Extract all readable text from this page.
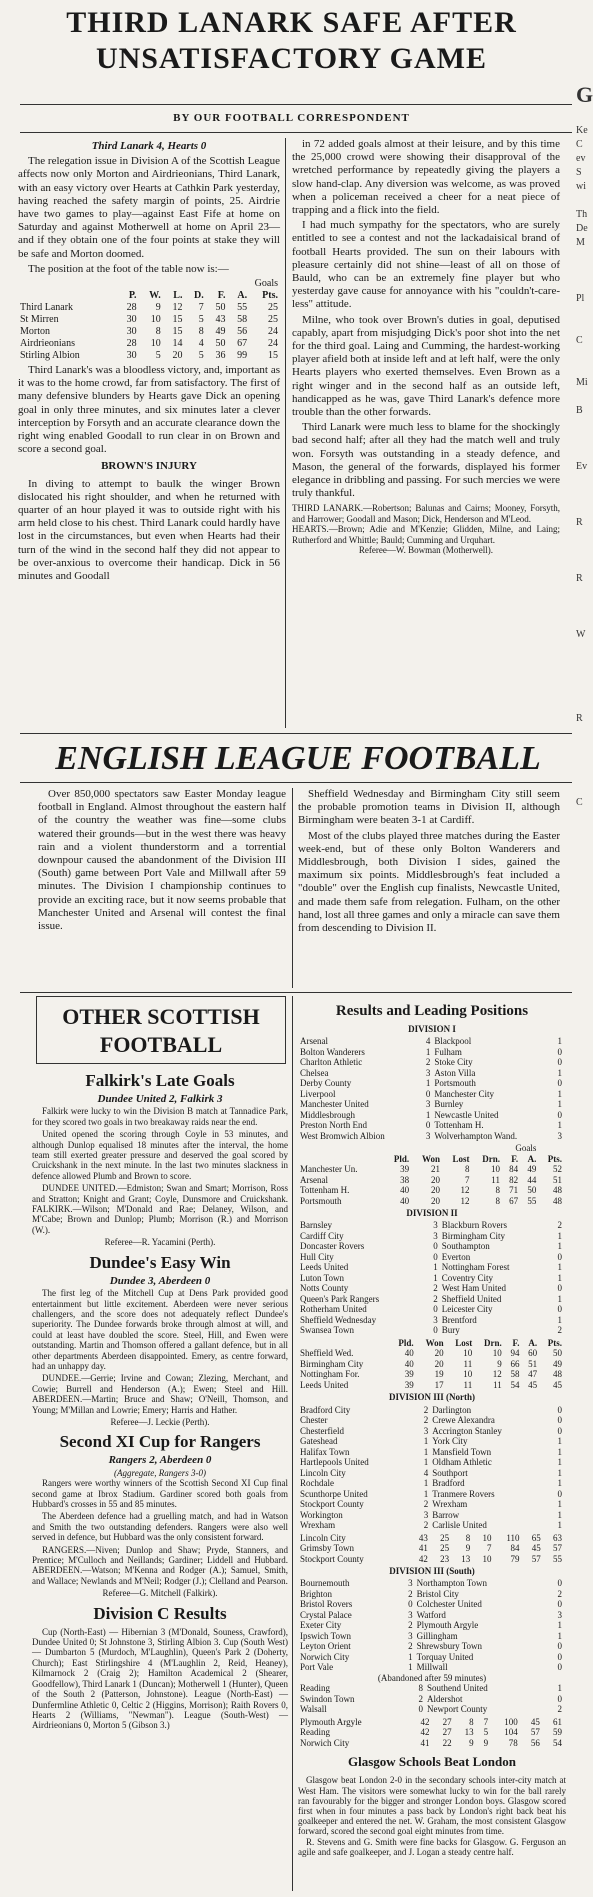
THIRD LANARK SAFE AFTER
UNSATISFACTORY GAME
BY OUR FOOTBALL CORRESPONDENT
Third Lanark 4, Hearts 0

The relegation issue in Division A of the Scottish League affects now only Morton and Airdrieonians, Third Lanark, with an easy victory over Hearts at Cathkin Park yesterday, having reached the safety margin of points, 25. Airdrie have two games to play—against East Fife at home on Saturday and against Motherwell at home on April 23—and if they obtain one of the four points at stake they will be safe and Morton doomed.

The position at the foot of the table now is:—

						Goals	
	P.	W.	L.	D.	F.	A.	Pts.
Third Lanark	28	9	12	7	50	55	25
St Mirren	30	10	15	5	43	58	25
Morton	30	8	15	8	49	56	24
Airdrieonians	28	10	14	4	50	67	24
Stirling Albion	30	5	20	5	36	99	15

Third Lanark's was a bloodless victory, and, important as it was to the home crowd, far from satisfactory. The first of many defensive blunders by Hearts gave Dick an opening goal in only three minutes, and six minutes later a clever interception by Forsyth and an accurate clearance down the right wing enabled Goodall to run clear in on Brown and score a second goal.

BROWN'S INJURY

In diving to attempt to baulk the winger Brown dislocated his right shoulder, and when he returned with quarter of an hour played it was to outside right with his arm held close to his chest. Third Lanark could hardly have lost in the circumstances, but even when Hearts had their turn of the wind in the second half they did not appear to be over-anxious to overcome their handicap. Dick in 56 minutes and Goodall

in 72 added goals almost at their leisure, and by this time the 25,000 crowd were showing their disapproval of the wretched performance by repeatedly giving the players a slow hand-clap. Any diversion was welcome, as was proved when a policeman received a cheer for a neat piece of trapping and a flick into the field.

I had much sympathy for the spectators, who are surely entitled to see a contest and not the lackadaisical brand of football Hearts provided. The sun on their labours with pleasure certainly did not shine—least of all on those of Bauld, who can be an extremely fine player but who yesterday gave cause for annoyance with his "couldn't-care-less" attitude.

Milne, who took over Brown's duties in goal, deputised capably, apart from misjudging Dick's poor shot into the net for the third goal. Laing and Cumming, the hardest-working player afield both at inside left and at left half, were the only Hearts players who exerted themselves. Even Brown as a right winger and in the second half as an outside left, handicapped as he was, gave Third Lanark's defence more trouble than the other forwards.

Third Lanark were much less to blame for the shockingly bad second half; after all they had the match well and truly won. Forsyth was outstanding in a steady defence, and Mason, the general of the forwards, displayed his former elegance in dribbling and passing. For such mercies we were truly thankful.

THIRD LANARK.—Robertson; Balunas and Cairns; Mooney, Forsyth, and Harrower; Goodall and Mason; Dick, Henderson and M'Leod.
HEARTS.—Brown; Adie and M'Kenzie; Glidden, Milne, and Laing; Rutherford and Whittle; Bauld; Cumming and Urquhart.
Referee—W. Bowman (Motherwell).
ENGLISH LEAGUE FOOTBALL

Over 850,000 spectators saw Easter Monday league football in England. Almost throughout the eastern half of the country the weather was fine—some clubs watered their grounds—but in the west there was heavy rain and a violent thunderstorm and a torrential downpour caused the abandonment of the Division III (South) game between Port Vale and Millwall after 59 minutes. The Division I championship continues to provide an exciting race, but it now seems probable that Manchester United and Arsenal will contest the final issue.

Sheffield Wednesday and Birmingham City still seem the probable promotion teams in Division II, although Birmingham were beaten 3-1 at Cardiff.

Most of the clubs played three matches during the Easter week-end, but of these only Bolton Wanderers and Middlesbrough, both Division I sides, gained the maximum six points. Middlesbrough's feat included a "double" over the English cup finalists, Newcastle United, and made them safe from relegation. Fulham, on the other hand, lost all three games and only a miracle can save them from descending to Division II.

OTHER SCOTTISH FOOTBALL
Falkirk's Late Goals
Dundee United 2, Falkirk 3

Falkirk were lucky to win the Division B match at Tannadice Park, for they scored two goals in two breakaway raids near the end.

United opened the scoring through Coyle in 53 minutes, and although Dunlop equalised 18 minutes after the interval, the home team still exerted greater pressure and deserved the goal scored by Cruickshank in the next minute. In the last two minutes slackness in defence allowed Plumb and Brown to score.

DUNDEE UNITED.—Edmiston; Swan and Smart; Morrison, Ross and Stratton; Knight and Grant; Coyle, Dunsmore and Cruickshank. FALKIRK.—Wilson; M'Donald and Rae; Delaney, Wilson, and M'Cabe; Brown and Dunlop; Plumb; Morrison (R.) and Morrison (W.).

Referee—R. Yacamini (Perth).
Dundee's Easy Win
Dundee 3, Aberdeen 0

The first leg of the Mitchell Cup at Dens Park provided good entertainment but little excitement. Aberdeen were never serious challengers, and the score does not adequately reflect Dundee's superiority. The Dundee forwards broke through almost at will, and could at least have doubled the score. Steel, Hill, and Ewen were outstanding. Martin and Thomson offered a gallant defence, but in all other departments Aberdeen disappointed. Emery, as centre forward, had an unhappy day.

DUNDEE.—Gerrie; Irvine and Cowan; Zlezing, Merchant, and Cowie; Burrell and Henderson (A.); Ewen; Steel and Hill. ABERDEEN.—Martin; Bruce and Shaw; O'Neill, Thomson, and Young; M'Millan and Lowrie; Emery; Harris and Hather.

Referee—J. Leckie (Perth).
Second XI Cup for Rangers
Rangers 2, Aberdeen 0
(Aggregate, Rangers 3-0)

Rangers were worthy winners of the Scottish Second XI Cup final second game at Ibrox Stadium. Gardiner scored both goals from Hubbard's crosses in 55 and 85 minutes.

The Aberdeen defence had a gruelling match, and had in Watson and Smith the two outstanding defenders. Rangers were also well served in defence, but Hubbard was the only consistent forward.

RANGERS.—Niven; Dunlop and Shaw; Pryde, Stanners, and Prentice; M'Culloch and Neillands; Gardiner; Liddell and Hubbard. ABERDEEN.—Watson; M'Kenna and Rodger (A.); Samuel, Smith, and Wallace; Newlands and M'Neil; Rodger (J.); Clelland and Pearson.

Referee—G. Mitchell (Falkirk).
Division C Results

Cup (North-East) — Hibernian 3 (M'Donald, Souness, Crawford), Dundee United 0; St Johnstone 3, Stirling Albion 3. Cup (South West) — Dumbarton 5 (Murdoch, M'Laughlin), Queen's Park 2 (Doherty, Church); East Stirlingshire 4 (M'Laughlin 2, Reid, Heaney), Kilmarnock 2 (Craig 2); Hamilton Academical 2 (Shearer, Goodfellow), Third Lanark 1 (Duncan); Motherwell 1 (Hunter), Queen of the South 2 (Patterson, Johnstone). League (North-East) — Dunfermline Athletic 0, Celtic 2 (Higgins, Morrison); Raith Rovers 0, Hearts 2 (Williams, "Newman"). League (South-West) — Airdrieonians 0, Morton 5 (Gibson 3.)

Results and Leading Positions
DIVISION I
Arsenal	4	Blackpool	1
Bolton Wanderers	1	Fulham	0
Charlton Athletic	2	Stoke City	0
Chelsea	3	Aston Villa	1
Derby County	1	Portsmouth	0
Liverpool	0	Manchester City	1
Manchester United	3	Burnley	1
Middlesbrough	1	Newcastle United	0
Preston North End	0	Tottenham H.	1
West Bromwich Albion	3	Wolverhampton Wand.	3
					Goals		
	Pld.	Won	Lost	Drn.	F.	A.	Pts.
Manchester Un.	39	21	8	10	84	49	52
Arsenal	38	20	7	11	82	44	51
Tottenham H.	40	20	12	8	71	50	48
Portsmouth	40	20	12	8	67	55	48
DIVISION II
Barnsley	3	Blackburn Rovers	2
Cardiff City	3	Birmingham City	1
Doncaster Rovers	0	Southampton	1
Hull City	0	Everton	0
Leeds United	1	Nottingham Forest	1
Luton Town	1	Coventry City	1
Notts County	2	West Ham United	0
Queen's Park Rangers	2	Sheffield United	1
Rotherham United	0	Leicester City	0
Sheffield Wednesday	3	Brentford	1
Swansea Town	0	Bury	2
	Pld.	Won	Lost	Drn.	F.	A.	Pts.
Sheffield Wed.	40	20	10	10	94	60	50
Birmingham City	40	20	11	9	66	51	49
Nottingham For.	39	19	10	12	58	47	48
Leeds United	39	17	11	11	54	45	45
DIVISION III (North)
Bradford City	2	Darlington	0
Chester	2	Crewe Alexandra	0
Chesterfield	3	Accrington Stanley	0
Gateshead	1	York City	1
Halifax Town	1	Mansfield Town	1
Hartlepools United	1	Oldham Athletic	1
Lincoln City	4	Southport	1
Rochdale	1	Bradford	1
Scunthorpe United	1	Tranmere Rovers	0
Stockport County	2	Wrexham	1
Workington	3	Barrow	1
Wrexham	2	Carlisle United	1
Lincoln City	43	25	8	10	110	65	63
Grimsby Town	41	25	9	7	84	45	57
Stockport County	42	23	13	10	79	57	55
DIVISION III (South)
Bournemouth	3	Northampton Town	0
Brighton	2	Bristol City	2
Bristol Rovers	0	Colchester United	0
Crystal Palace	3	Watford	3
Exeter City	2	Plymouth Argyle	1
Ipswich Town	3	Gillingham	1
Leyton Orient	2	Shrewsbury Town	0
Norwich City	1	Torquay United	0
Port Vale	1	Millwall	0
(Abandoned after 59 minutes)
Reading	8	Southend United	1
Swindon Town	2	Aldershot	0
Walsall	0	Newport County	2
Plymouth Argyle	42	27	8	7	100	45	61
Reading	42	27	13	5	104	57	59
Norwich City	41	22	9	9	78	56	54
Glasgow Schools Beat London

Glasgow beat London 2-0 in the secondary schools inter-city match at West Ham. The visitors were somewhat lucky to win for the ball rarely ran favourably for the bigger and stronger London boys. Glasgow scored first when in four minutes a pass back by London's right back beat his goalkeeper and entered the net. W. Graham, the most consistent Glasgow forward, scored the second goal eight minutes from time.

R. Stevens and G. Smith were fine backs for Glasgow. G. Ferguson an agile and safe goalkeeper, and J. Logan a steady centre half.

G

Ke
C
ev
S
wi

Th
De
M

Pl

C

Mi

B

Ev

R

R

W

R

C
